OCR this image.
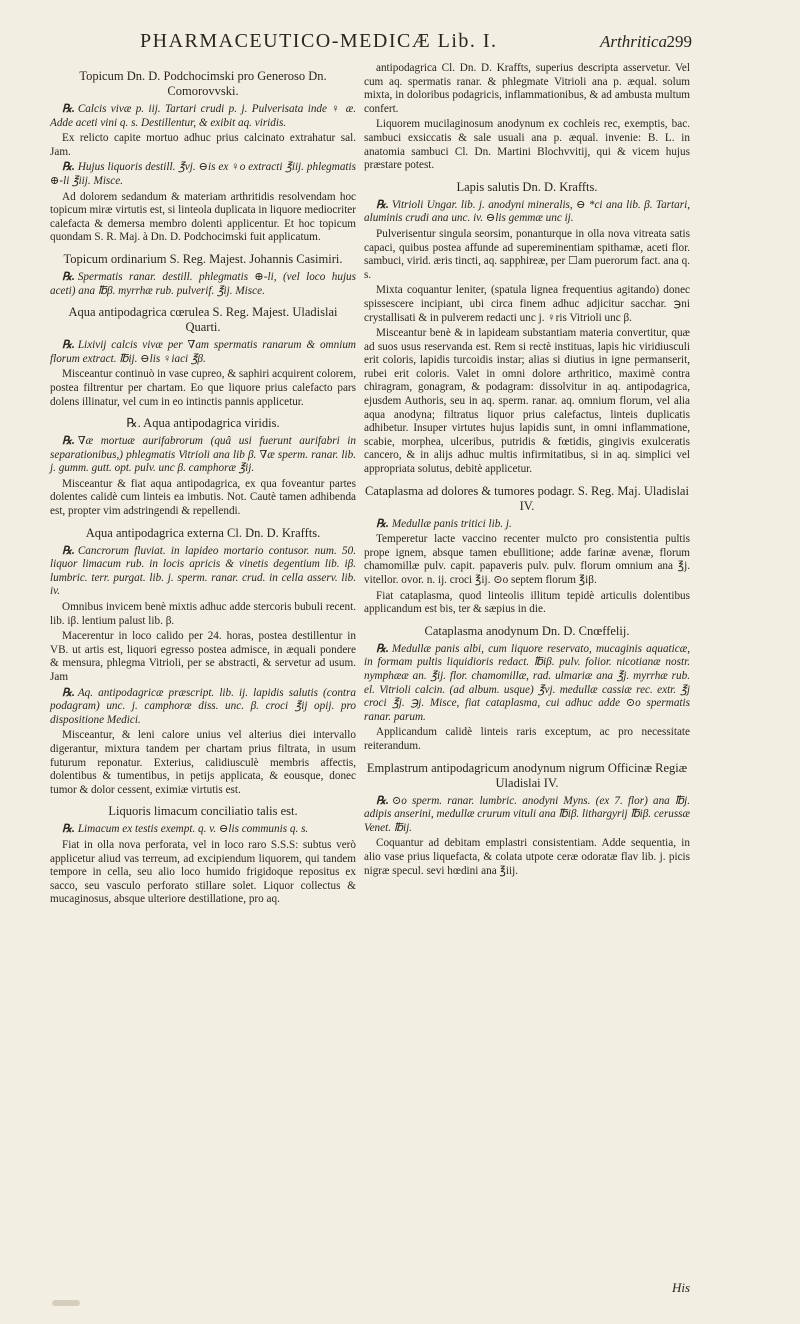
PHARMACEUTICO-MEDICÆ Lib. I.	Arthritica 299
Topicum Dn. D. Podchocimski pro Generoso Dn. Comorovvski.
℞. Calcis vivæ p. iij. Tartari crudi p. j. Pulverisata inde ♀ æ. Adde aceti vini q. s. Destillentur, & exibit aq. viridis.
Ex relicto capite mortuo adhuc prius calcinato extrahatur sal. Jam.
℞. Hujus liquoris destill. ℥vj. ⊖is ex ♀o extracti ℥iij. phlegmatis ⊕-li ℥iij. Misce.
Ad dolorem sedandum & materiam arthritidis resolvendam hoc topicum miræ virtutis est, si linteola duplicata in liquore mediocriter calefacta & demersa membro dolenti applicentur. Et hoc topicum quondam S. R. Maj. à Dn. D. Podchocimski fuit applicatum.
Topicum ordinarium S. Reg. Majest. Johannis Casimiri.
℞. Spermatis ranar. destill. phlegmatis ⊕-li, (vel loco hujus aceti) ana ℔β. myrrhæ rub. pulverif. ℥ij. Misce.
Aqua antipodagrica cœrulea S. Reg. Majest. Uladislai Quarti.
℞. Lixivij calcis vivæ per ∇am spermatis ranarum & omnium florum extract. ℔ij. ⊖lis ♀iaci ℥β.
Misceantur continuò in vase cupreo, & saphiri acquirent colorem, postea filtrentur per chartam. Eo que liquore prius calefacto pars dolens illinatur, vel cum in eo intinctis pannis applicetur.
℞. Aqua antipodagrica viridis.
℞. ∇æ mortuæ aurifabrorum (quâ usi fuerunt aurifabri in separationibus,) phlegmatis Vitrioli ana lib β. ∇æ sperm. ranar. lib. j. gumm. gutt. opt. pulv. unc β. camphoræ ℥ij.
Misceantur & fiat aqua antipodagrica, ex qua foveantur partes dolentes calidè cum linteis ea imbutis. Not. Cautè tamen adhibenda est, propter vim adstringendi & repellendi.
Aqua antipodagrica externa Cl. Dn. D. Kraffts.
℞. Cancrorum fluviat. in lapideo mortario contusor. num. 50. liquor limacum rub. in locis apricis & vinetis degentium lib. iβ. lumbric. terr. purgat. lib. j. sperm. ranar. crud. in cella asserv. lib. iv.
Omnibus invicem benè mixtis adhuc adde stercoris bubuli recent. lib. iβ. lentium palust lib. β.
Macerentur in loco calido per 24. horas, postea destillentur in VB. ut artis est, liquori egresso postea admisce, in æquali pondere & mensura, phlegma Vitrioli, per se abstracti, & servetur ad usum. Jam
℞. Aq. antipodagricæ præscript. lib. ij. lapidis salutis (contra podagram) unc. j. camphoræ diss. unc. β. croci ℥ij opij. pro dispositione Medici.
Misceantur, & leni calore unius vel alterius diei intervallo digerantur, mixtura tandem per chartam prius filtrata, in usum futurum reponatur. Exterius, calidiusculè membris affectis, dolentibus & tumentibus, in petijs applicata, & eousque, donec tumor & dolor cessent, eximiæ virtutis est.
Liquoris limacum conciliatio talis est.
℞. Limacum ex testis exempt. q. v. ⊖lis communis q. s.
Fiat in olla nova perforata, vel in loco raro S.S.S: subtus verò applicetur aliud vas terreum, ad excipiendum liquorem, qui tandem tempore in cella, seu alio loco humido frigidoque repositus ex sacco, seu vasculo perforato stillare solet. Liquor collectus & mucaginosus, absque ulteriore destillatione, pro aq.
antipodagrica Cl. Dn. D. Kraffts, superius descripta asservetur. Vel cum aq. spermatis ranar. & phlegmate Vitrioli ana p. æqual. solum mixta, in doloribus podagricis, inflammationibus, & ad ambusta multum confert.
Liquorem mucilaginosum anodynum ex cochleis rec, exemptis, bac. sambuci exsiccatis & sale usuali ana p. æqual. invenie: B. L. in anatomia sambuci Cl. Dn. Martini Blochvvitij, qui & vicem hujus præstare potest.
Lapis salutis Dn. D. Kraffts.
℞. Vitrioli Ungar. lib. j. anodyni mineralis, ⊖ *ci ana lib. β. Tartari, aluminis crudi ana unc. iv. ⊖lis gemmæ unc ij.
Pulverisentur singula seorsim, ponanturque in olla nova vitreata satis capaci, quibus postea affunde ad supereminentiam spithamæ, aceti flor. sambuci, virid. æris tincti, aq. sapphireæ, per ☐am puerorum fact. ana q. s.
Mixta coquantur leniter, (spatula lignea frequentius agitando) donec spissescere incipiant, ubi circa finem adhuc adjicitur sacchar. ℈ni crystallisati & in pulverem redacti unc j. ♀ris Vitrioli unc β.
Misceantur benè & in lapideam substantiam materia convertitur, quæ ad suos usus reservanda est. Rem si rectè instituas, lapis hic viridiusculi erit coloris, lapidis turcoidis instar; alias si diutius in igne permanserit, rubei erit coloris. Valet in omni dolore arthritico, maximè contra chiragram, gonagram, & podagram: dissolvitur in aq. antipodagrica, ejusdem Authoris, seu in aq. sperm. ranar. aq. omnium florum, vel alia aqua anodyna; filtratus liquor prius calefactus, linteis duplicatis adhibetur. Insuper virtutes hujus lapidis sunt, in omni inflammatione, scabie, morphea, ulceribus, putridis & fœtidis, gingivis exulceratis cancero, & in alijs adhuc multis infirmitatibus, si in aq. simplici vel appropriata solutus, debitè applicetur.
Cataplasma ad dolores & tumores podagr. S. Reg. Maj. Uladislai IV.
℞. Medullæ panis tritici lib. j.
Temperetur lacte vaccino recenter mulcto pro consistentia pultis prope ignem, absque tamen ebullitione; adde farinæ avenæ, florum chamomillæ pulv. capit. papaveris pulv. pulv. florum omnium ana ℥j. vitellor. ovor. n. ij. croci ℥ij. ⊙o septem florum ℥iβ.
Fiat cataplasma, quod linteolis illitum tepidè articulis dolentibus applicandum est bis, ter & sæpius in die.
Cataplasma anodynum Dn. D. Cnœffelij.
℞. Medullæ panis albi, cum liquore reservato, mucaginis aquaticæ, in formam pultis liquidioris redact. ℔iβ. pulv. folior. nicotianæ nostr. nymphææ an. ℥ij. flor. chamomillæ, rad. ulmariæ ana ℥j. myrrhæ rub. el. Vitrioli calcin. (ad album. usque) ℥vj. medullæ cassiæ rec. extr. ℥j croci ℥j. ℈j. Misce, fiat cataplasma, cui adhuc adde ⊙o spermatis ranar. parum.
Applicandum calidè linteis raris exceptum, ac pro necessitate reiterandum.
Emplastrum antipodagricum anodynum nigrum Officinæ Regiæ Uladislai IV.
℞. ⊙o sperm. ranar. lumbric. anodyni Myns. (ex 7. flor) ana ℔j. adipis anserini, medullæ crurum vituli ana ℔iβ. lithargyrij ℔iβ. cerussæ Venet. ℔ij.
Coquantur ad debitam emplastri consistentiam. Adde sequentia, in alio vase prius liquefacta, & colata utpote ceræ odoratæ flav lib. j. picis nigræ specul. sevi hœdini ana ℥iij.
His
